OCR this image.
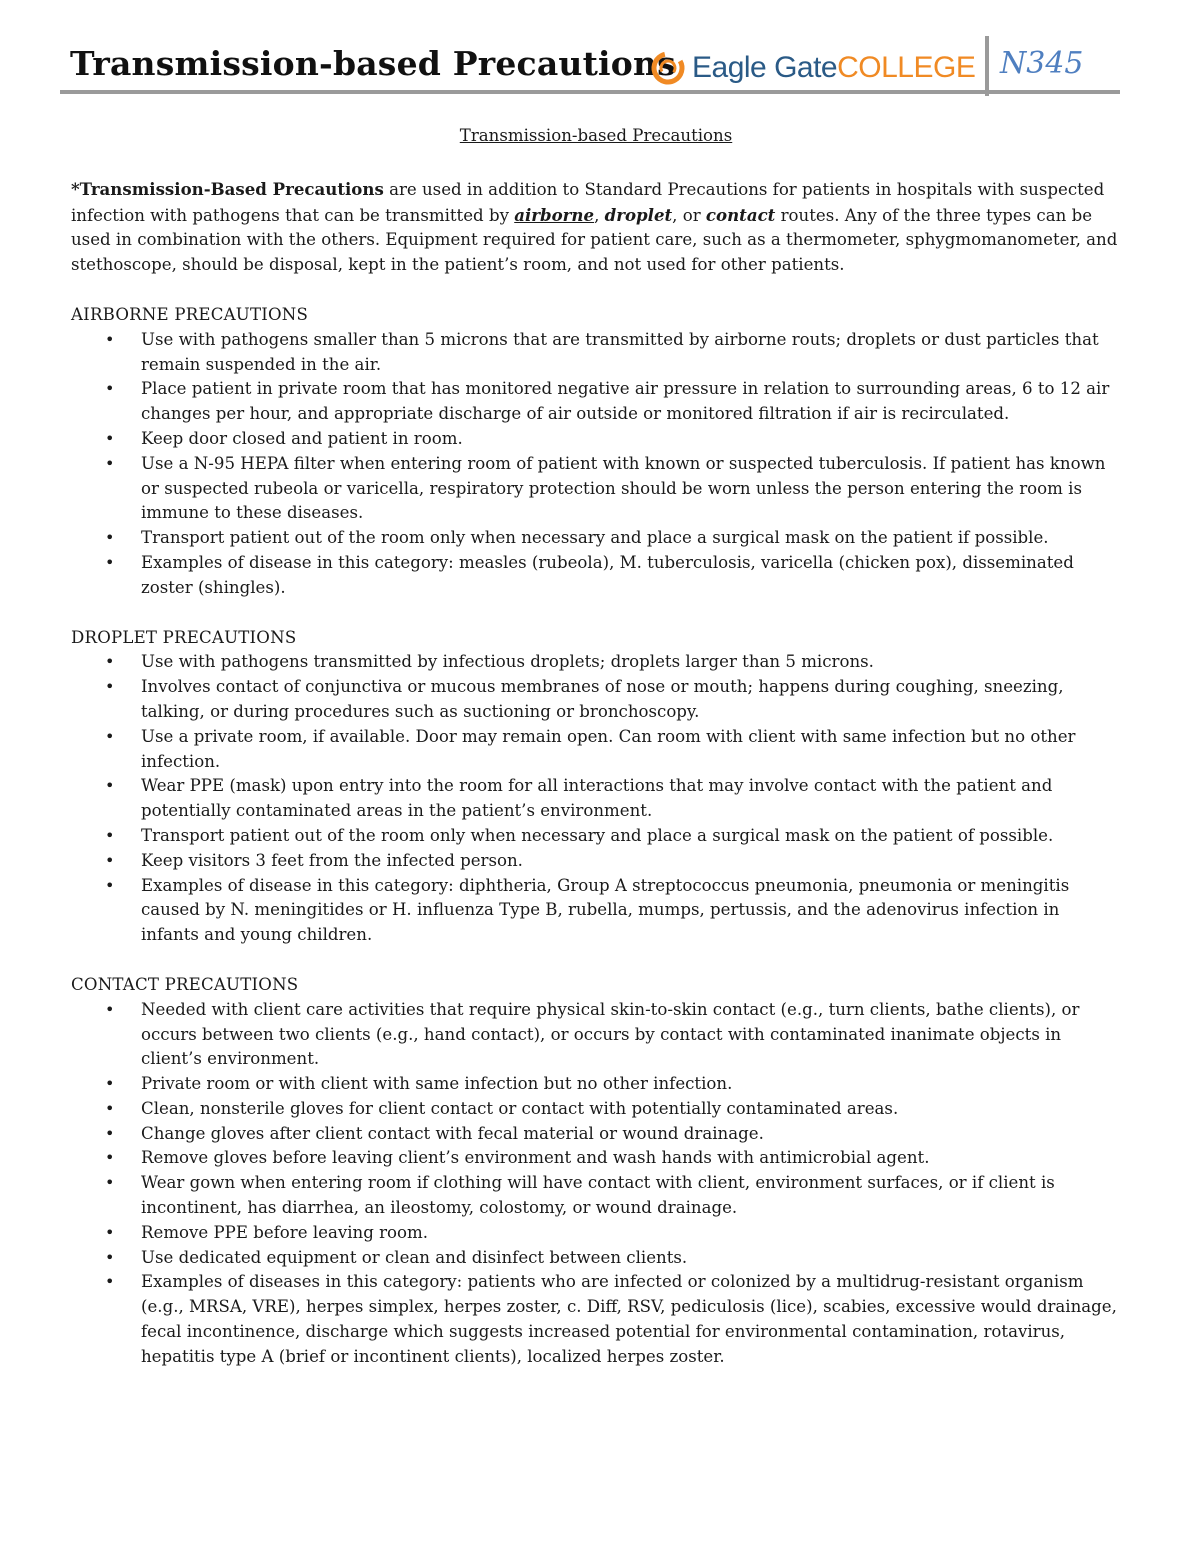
Transmission-based Precautions Eagle GateCOLLEGE N345
Transmission-based Precautions

*Transmission-Based Precautions are used in addition to Standard Precautions for patients in hospitals with suspected infection with pathogens that can be transmitted by airborne, droplet, or contact routes. Any of the three types can be used in combination with the others. Equipment required for patient care, such as a thermometer, sphygmomanometer, and stethoscope, should be disposal, kept in the patient’s room, and not used for other patients.

AIRBORNE PRECAUTIONS
• Use with pathogens smaller than 5 microns that are transmitted by airborne routs; droplets or dust particles that remain suspended in the air.
• Place patient in private room that has monitored negative air pressure in relation to surrounding areas, 6 to 12 air changes per hour, and appropriate discharge of air outside or monitored filtration if air is recirculated.
• Keep door closed and patient in room.
• Use a N-95 HEPA filter when entering room of patient with known or suspected tuberculosis. If patient has known or suspected rubeola or varicella, respiratory protection should be worn unless the person entering the room is immune to these diseases.
• Transport patient out of the room only when necessary and place a surgical mask on the patient if possible.
• Examples of disease in this category: measles (rubeola), M. tuberculosis, varicella (chicken pox), disseminated zoster (shingles).
DROPLET PRECAUTIONS
• Use with pathogens transmitted by infectious droplets; droplets larger than 5 microns.
• Involves contact of conjunctiva or mucous membranes of nose or mouth; happens during coughing, sneezing, talking, or during procedures such as suctioning or bronchoscopy.
• Use a private room, if available. Door may remain open. Can room with client with same infection but no other infection.
• Wear PPE (mask) upon entry into the room for all interactions that may involve contact with the patient and potentially contaminated areas in the patient’s environment.
• Transport patient out of the room only when necessary and place a surgical mask on the patient of possible.
• Keep visitors 3 feet from the infected person.
• Examples of disease in this category: diphtheria, Group A streptococcus pneumonia, pneumonia or meningitis caused by N. meningitides or H. influenza Type B, rubella, mumps, pertussis, and the adenovirus infection in infants and young children.
CONTACT PRECAUTIONS
• Needed with client care activities that require physical skin-to-skin contact (e.g., turn clients, bathe clients), or occurs between two clients (e.g., hand contact), or occurs by contact with contaminated inanimate objects in client’s environment.
• Private room or with client with same infection but no other infection.
• Clean, nonsterile gloves for client contact or contact with potentially contaminated areas.
• Change gloves after client contact with fecal material or wound drainage.
• Remove gloves before leaving client’s environment and wash hands with antimicrobial agent.
• Wear gown when entering room if clothing will have contact with client, environment surfaces, or if client is incontinent, has diarrhea, an ileostomy, colostomy, or wound drainage.
• Remove PPE before leaving room.
• Use dedicated equipment or clean and disinfect between clients.
• Examples of diseases in this category: patients who are infected or colonized by a multidrug-resistant organism (e.g., MRSA, VRE), herpes simplex, herpes zoster, c. Diff, RSV, pediculosis (lice), scabies, excessive would drainage, fecal incontinence, discharge which suggests increased potential for environmental contamination, rotavirus, hepatitis type A (brief or incontinent clients), localized herpes zoster.
